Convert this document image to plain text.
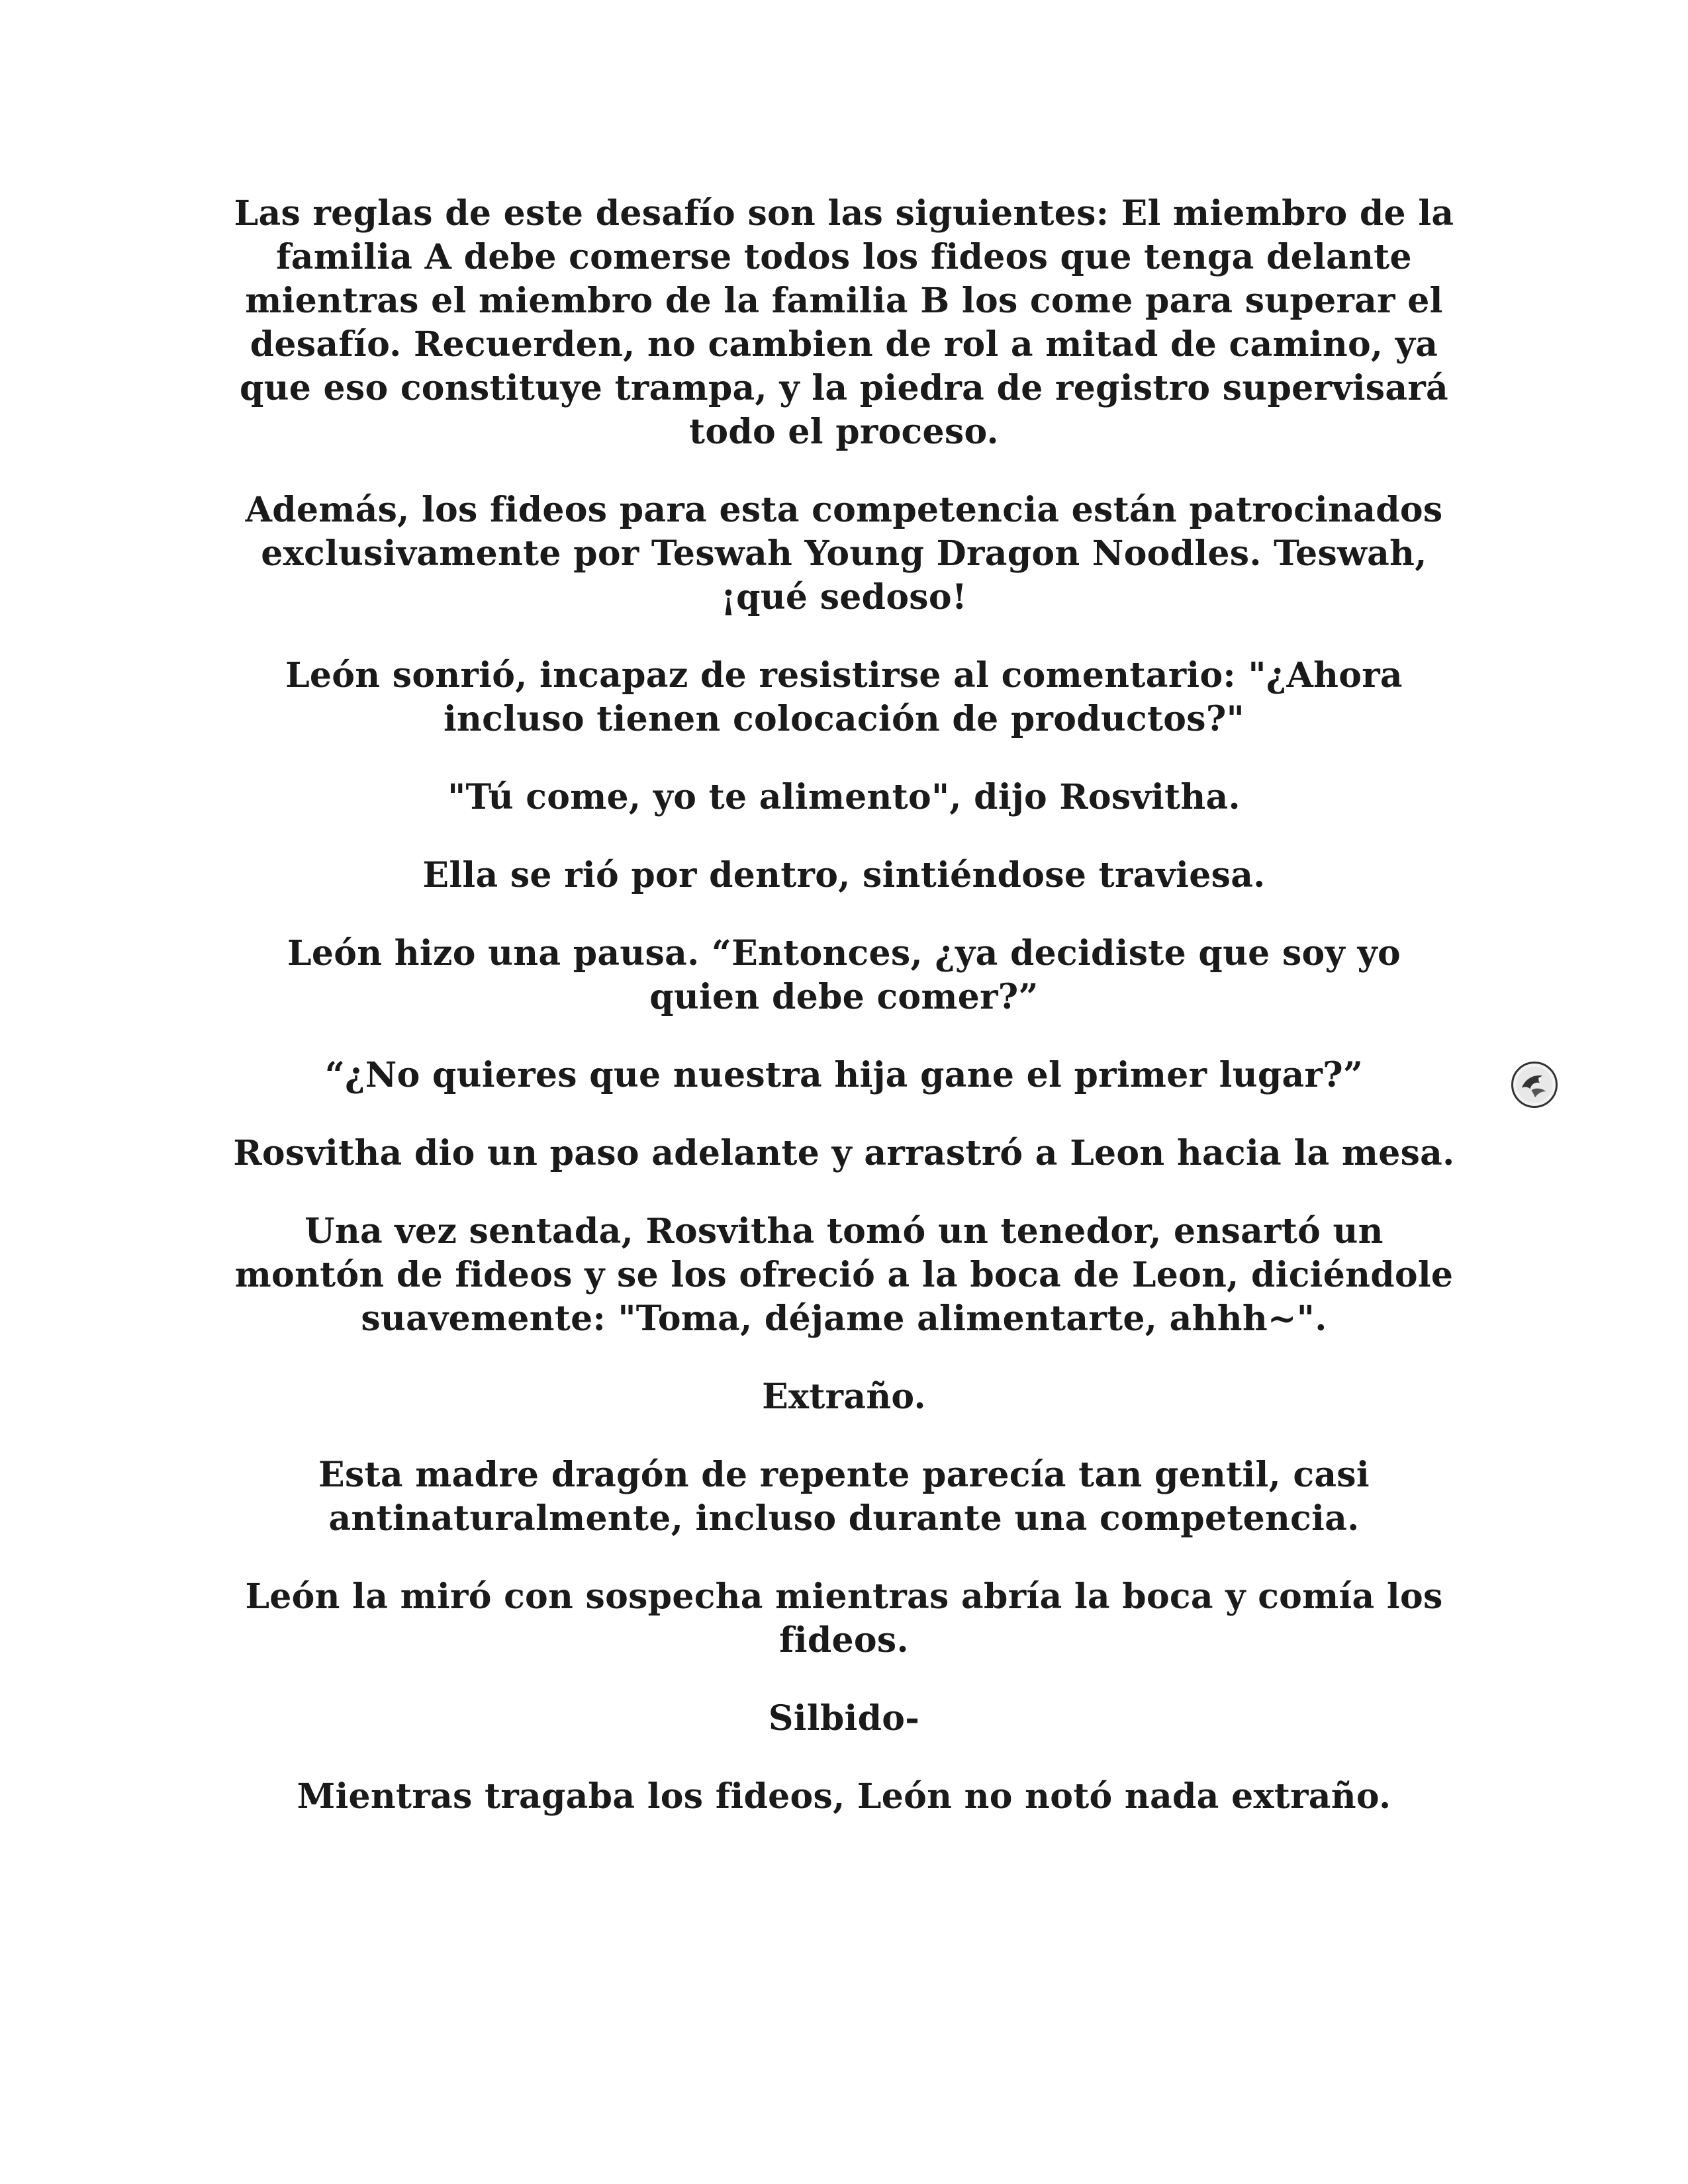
Las reglas de este desafío son las siguientes: El miembro de la familia A debe comerse todos los fideos que tenga delante mientras el miembro de la familia B los come para superar el desafío. Recuerden, no cambien de rol a mitad de camino, ya que eso constituye trampa, y la piedra de registro supervisará todo el proceso.

Además, los fideos para esta competencia están patrocinados exclusivamente por Teswah Young Dragon Noodles. Teswah, ¡qué sedoso!

León sonrió, incapaz de resistirse al comentario: "¿Ahora incluso tienen colocación de productos?"

"Tú come, yo te alimento", dijo Rosvitha.

Ella se rió por dentro, sintiéndose traviesa.

León hizo una pausa. “Entonces, ¿ya decidiste que soy yo quien debe comer?”

“¿No quieres que nuestra hija gane el primer lugar?”

Rosvitha dio un paso adelante y arrastró a Leon hacia la mesa.

Una vez sentada, Rosvitha tomó un tenedor, ensartó un montón de fideos y se los ofreció a la boca de Leon, diciéndole suavemente: "Toma, déjame alimentarte, ahhh~".

Extraño.

Esta madre dragón de repente parecía tan gentil, casi antinaturalmente, incluso durante una competencia.

León la miró con sospecha mientras abría la boca y comía los fideos.

Silbido-

Mientras tragaba los fideos, León no notó nada extraño.
